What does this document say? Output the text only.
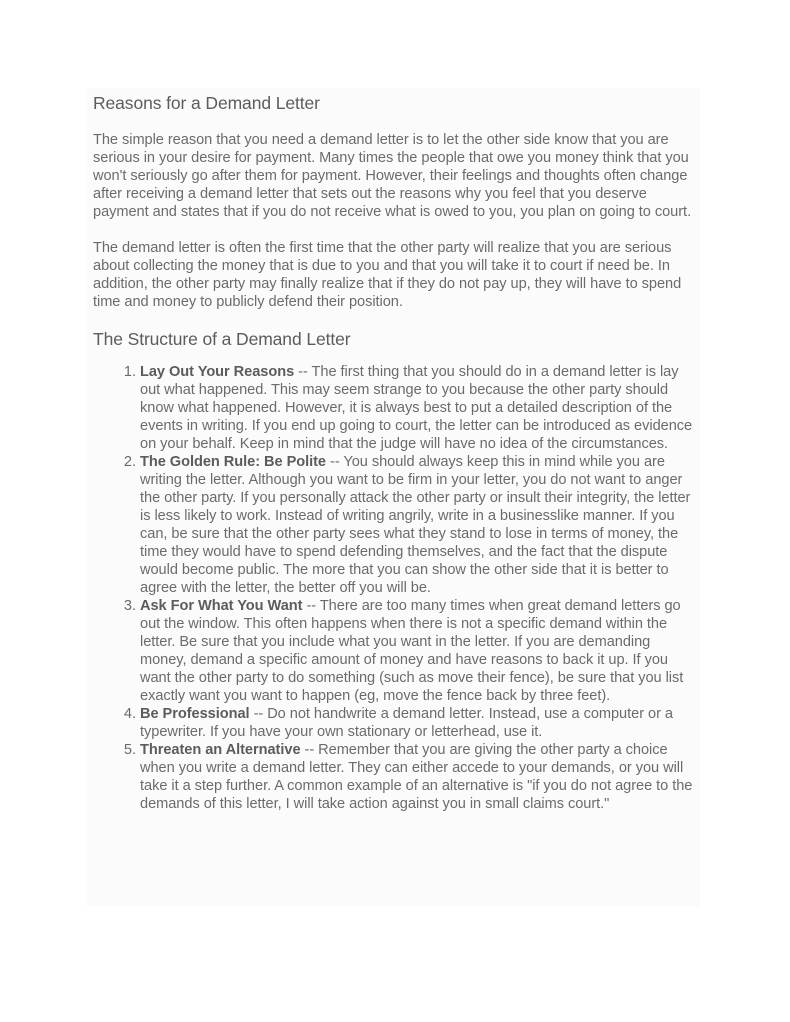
Reasons for a Demand Letter

The simple reason that you need a demand letter is to let the other side know that you are serious in your desire for payment. Many times the people that owe you money think that you won't seriously go after them for payment. However, their feelings and thoughts often change after receiving a demand letter that sets out the reasons why you feel that you deserve payment and states that if you do not receive what is owed to you, you plan on going to court.

The demand letter is often the first time that the other party will realize that you are serious about collecting the money that is due to you and that you will take it to court if need be. In addition, the other party may finally realize that if they do not pay up, they will have to spend time and money to publicly defend their position.

The Structure of a Demand Letter
1. Lay Out Your Reasons -- The first thing that you should do in a demand letter is lay out what happened. This may seem strange to you because the other party should know what happened. However, it is always best to put a detailed description of the events in writing. If you end up going to court, the letter can be introduced as evidence on your behalf. Keep in mind that the judge will have no idea of the circumstances.
2. The Golden Rule: Be Polite -- You should always keep this in mind while you are writing the letter. Although you want to be firm in your letter, you do not want to anger the other party. If you personally attack the other party or insult their integrity, the letter is less likely to work. Instead of writing angrily, write in a businesslike manner. If you can, be sure that the other party sees what they stand to lose in terms of money, the time they would have to spend defending themselves, and the fact that the dispute would become public. The more that you can show the other side that it is better to agree with the letter, the better off you will be.
3. Ask For What You Want -- There are too many times when great demand letters go out the window. This often happens when there is not a specific demand within the letter. Be sure that you include what you want in the letter. If you are demanding money, demand a specific amount of money and have reasons to back it up. If you want the other party to do something (such as move their fence), be sure that you list exactly want you want to happen (eg, move the fence back by three feet).
4. Be Professional -- Do not handwrite a demand letter. Instead, use a computer or a typewriter. If you have your own stationary or letterhead, use it.
5. Threaten an Alternative -- Remember that you are giving the other party a choice when you write a demand letter. They can either accede to your demands, or you will take it a step further. A common example of an alternative is "if you do not agree to the demands of this letter, I will take action against you in small claims court."
